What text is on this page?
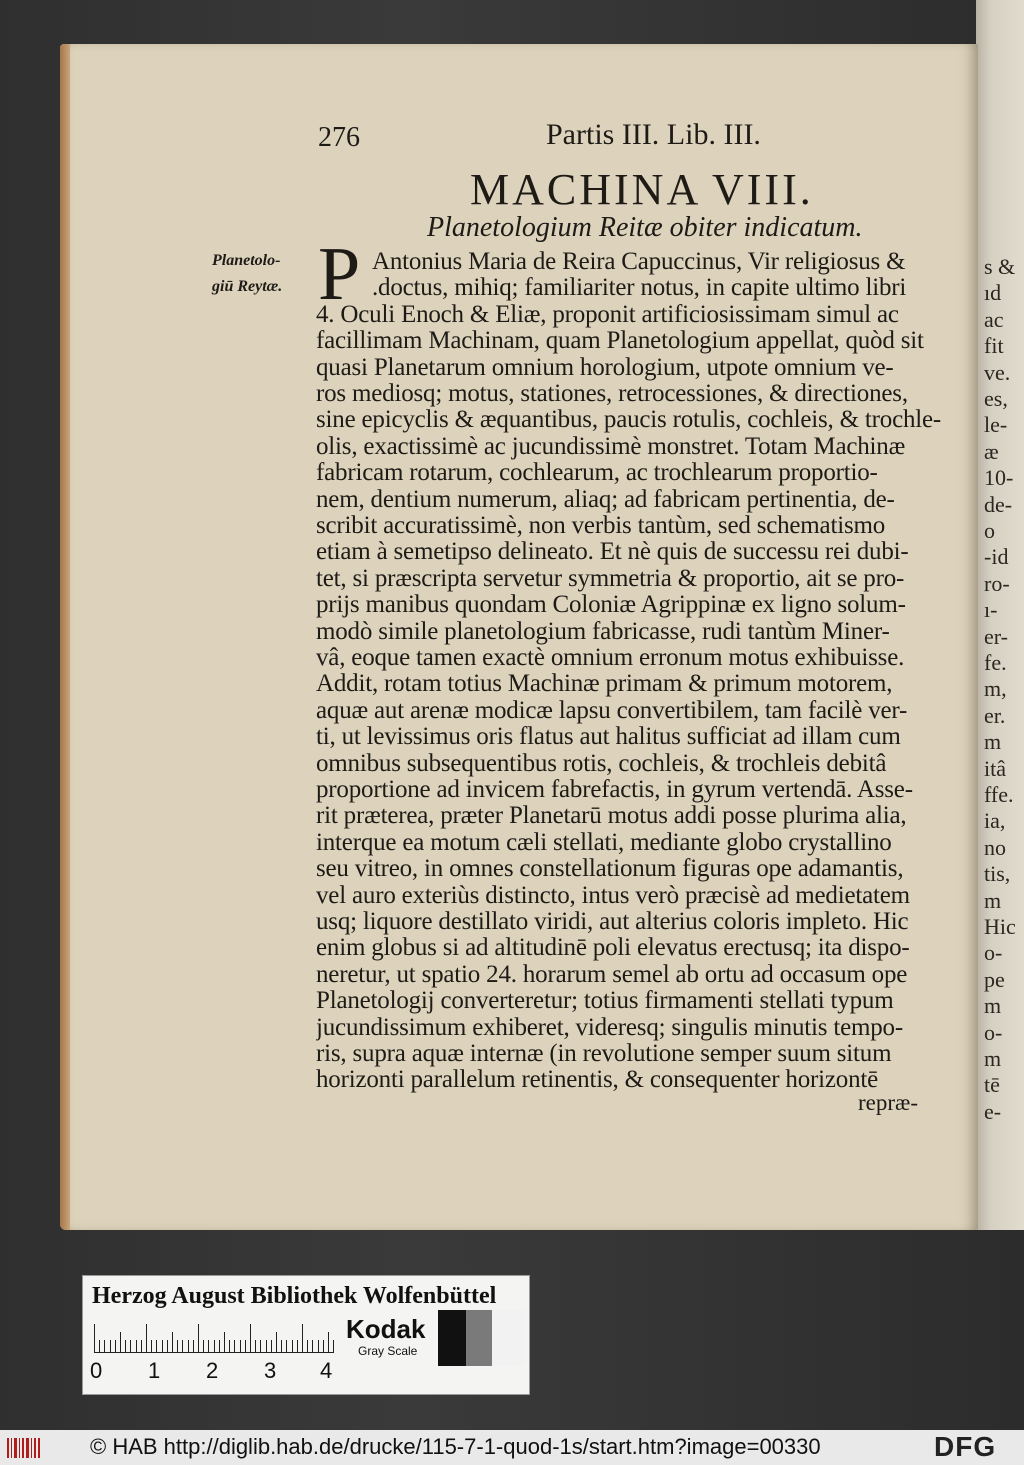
s &
ıd
ac
fit
ve.
es,
le-
æ
10-
de-
o
-id
ro-
ı-
er-
fe.
m,
er.
m
itâ
ffe.
ia,
no
tis,
m
Hic
o-
pe
m
o-
m
tē
e-
276	Partis III. Lib. III.
MACHINA VIII.
Planetologium Reitæ obiter indicatum.
Planetolo-
giū Reytæ. P Antonius Maria de Reira Capuccinus, Vir religiosus &
.doctus, mihiq; familiariter notus, in capite ultimo libri
4. Oculi Enoch & Eliæ, proponit artificiosissimam simul ac
facillimam Machinam, quam Planetologium appellat, quòd sit
quasi Planetarum omnium horologium, utpote omnium ve-
ros mediosq; motus, stationes, retrocessiones, & directiones,
sine epicyclis & æquantibus, paucis rotulis, cochleis, & trochle-
olis, exactissimè ac jucundissimè monstret. Totam Machinæ
fabricam rotarum, cochlearum, ac trochlearum proportio-
nem, dentium numerum, aliaq; ad fabricam pertinentia, de-
scribit accuratissimè, non verbis tantùm, sed schematismo
etiam à semetipso delineato. Et nè quis de successu rei dubi-
tet, si præscripta servetur symmetria & proportio, ait se pro-
prijs manibus quondam Coloniæ Agrippinæ ex ligno solum-
modò simile planetologium fabricasse, rudi tantùm Miner-
vâ, eoque tamen exactè omnium erronum motus exhibuisse.
Addit, rotam totius Machinæ primam & primum motorem,
aquæ aut arenæ modicæ lapsu convertibilem, tam facilè ver-
ti, ut levissimus oris flatus aut halitus sufficiat ad illam cum
omnibus subsequentibus rotis, cochleis, & trochleis debitâ
proportione ad invicem fabrefactis, in gyrum vertendā. Asse-
rit præterea, præter Planetarū motus addi posse plurima alia,
interque ea motum cæli stellati, mediante globo crystallino
seu vitreo, in omnes constellationum figuras ope adamantis,
vel auro exteriùs distincto, intus verò præcisè ad medietatem
usq; liquore destillato viridi, aut alterius coloris impleto. Hic
enim globus si ad altitudinē poli elevatus erectusq; ita dispo-
neretur, ut spatio 24. horarum semel ab ortu ad occasum ope
Planetologij converteretur; totius firmamenti stellati typum
jucundissimum exhiberet, videresq; singulis minutis tempo-
ris, supra aquæ internæ (in revolutione semper suum situm
horizonti parallelum retinentis, & consequenter horizontē
repræ-
Herzog August Bibliothek Wolfenbüttel
0 1 2 3 4
Kodak
Gray Scale
© HAB http://diglib.hab.de/drucke/115-7-1-quod-1s/start.htm?image=00330	DFG
